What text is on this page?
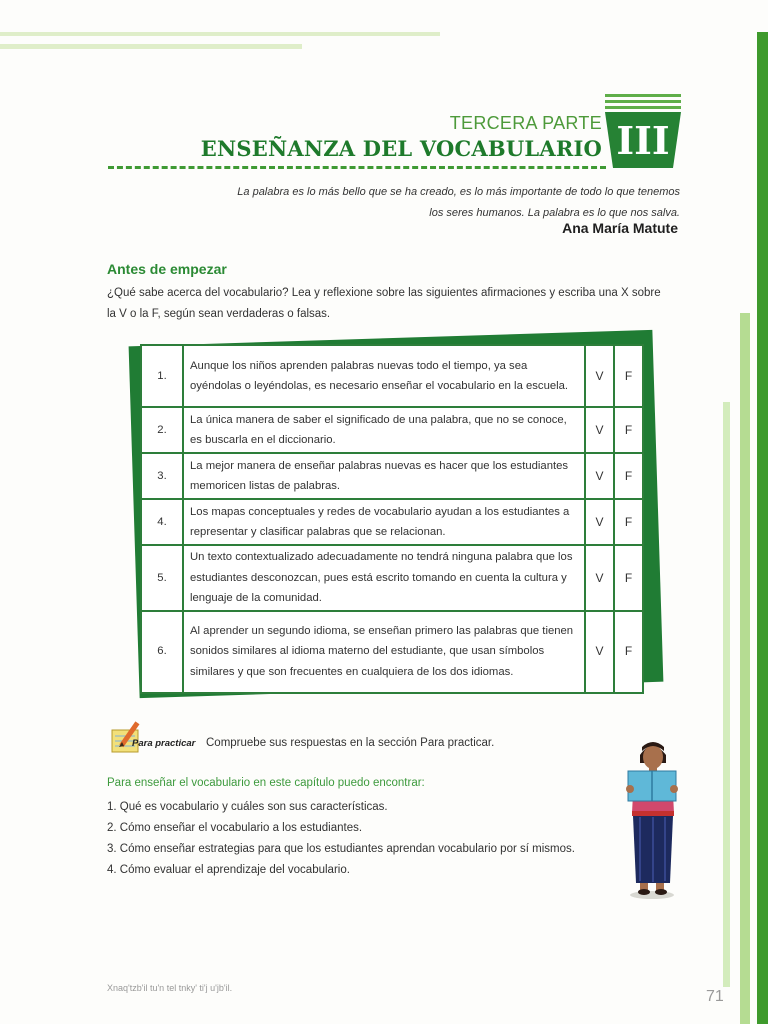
TERCERA PARTE
ENSEÑANZA DEL VOCABULARIO III
La palabra es lo más bello que se ha creado, es lo más importante de todo lo que tenemos
los seres humanos. La palabra es lo que nos salva.
Ana María Matute
Antes de empezar
¿Qué sabe acerca del vocabulario? Lea y reflexione sobre las siguientes afirmaciones y escriba una X sobre la V o la F, según sean verdaderas o falsas.
1.	Aunque los niños aprenden palabras nuevas todo el tiempo, ya sea oyéndolas o leyéndolas, es necesario enseñar el vocabulario en la escuela.	V	F
2.	La única manera de saber el significado de una palabra, que no se conoce, es buscarla en el diccionario.	V	F
3.	La mejor manera de enseñar palabras nuevas es hacer que los estudiantes memoricen listas de palabras.	V	F
4.	Los mapas conceptuales y redes de vocabulario ayudan a los estudiantes a representar y clasificar palabras que se relacionan.	V	F
5.	Un texto contextualizado adecuadamente no tendrá ninguna palabra que los estudiantes desconozcan, pues está escrito tomando en cuenta la cultura y lenguaje de la comunidad.	V	F
6.	Al aprender un segundo idioma, se enseñan primero las palabras que tienen sonidos similares al idioma materno del estudiante, que usan símbolos similares y que son frecuentes en cualquiera de los dos idiomas.	V	F
Para practicar Compruebe sus respuestas en la sección Para practicar.
Para enseñar el vocabulario en este capítulo puedo encontrar:
1. Qué es vocabulario y cuáles son sus características.
2. Cómo enseñar el vocabulario a los estudiantes.
3. Cómo enseñar estrategias para que los estudiantes aprendan vocabulario por sí mismos.
4. Cómo evaluar el aprendizaje del vocabulario.
Xnaq'tzb'il tu'n tel tnky' ti'j u'jb'il.	71
